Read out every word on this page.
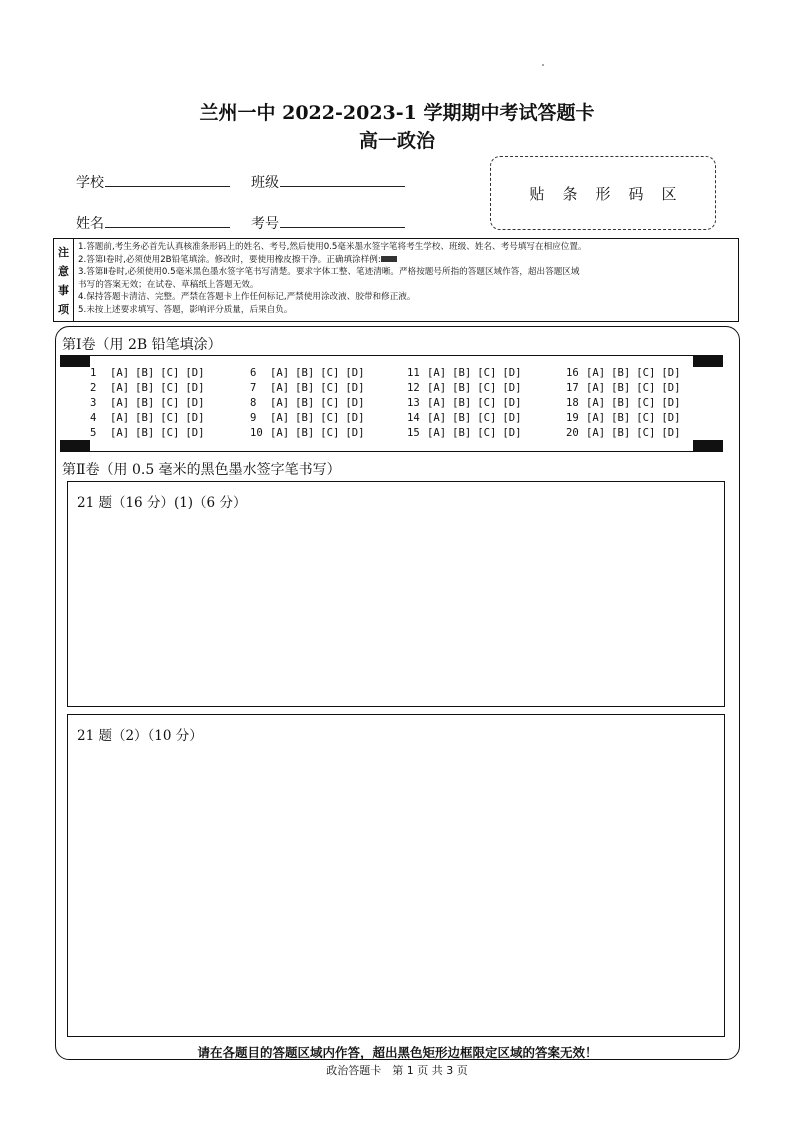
兰州一中 2022-2023-1 学期期中考试答题卡
高一政治
学校	班级
姓名	考号
贴条形码区
注
意
事
项
1.答题前,考生务必首先认真核准条形码上的姓名、考号,然后使用0.5毫米墨水签字笔将考生学校、班级、姓名、考号填写在相应位置。
2.答第Ⅰ卷时,必须使用2B铅笔填涂。修改时，要使用橡皮擦干净。正确填涂样例:
3.答第Ⅱ卷时,必须使用0.5毫米黑色墨水签字笔书写清楚。要求字体工整、笔迹清晰。严格按题号所指的答题区域作答，超出答题区域
书写的答案无效；在试卷、草稿纸上答题无效。
4.保持答题卡清洁、完整。严禁在答题卡上作任何标记,严禁使用涂改液、胶带和修正液。
5.未按上述要求填写、答题，影响评分质量，后果自负。
第Ⅰ卷（用 2B 铅笔填涂）
1 [A] [B] [C] [D]
2 [A] [B] [C] [D]
3 [A] [B] [C] [D]
4 [A] [B] [C] [D]
5 [A] [B] [C] [D]
6 [A] [B] [C] [D]
7 [A] [B] [C] [D]
8 [A] [B] [C] [D]
9 [A] [B] [C] [D]
10 [A] [B] [C] [D]
11 [A] [B] [C] [D]
12 [A] [B] [C] [D]
13 [A] [B] [C] [D]
14 [A] [B] [C] [D]
15 [A] [B] [C] [D]
16 [A] [B] [C] [D]
17 [A] [B] [C] [D]
18 [A] [B] [C] [D]
19 [A] [B] [C] [D]
20 [A] [B] [C] [D]
第Ⅱ卷（用 0.5 毫米的黑色墨水签字笔书写）
21 题（16 分）(1)（6 分）
21 题（2）（10 分）
请在各题目的答题区域内作答，超出黑色矩形边框限定区域的答案无效！
政治答题卡　第 1 页 共 3 页
